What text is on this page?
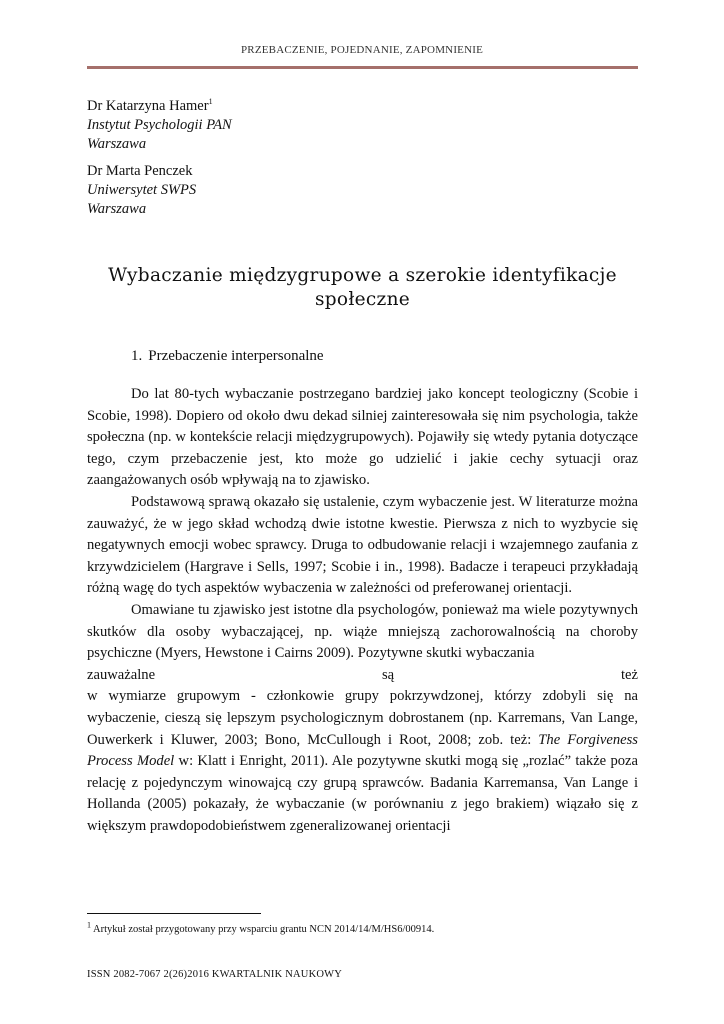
PRZEBACZENIE, POJEDNANIE, ZAPOMNIENIE
Dr Katarzyna Hamer$^1$
Instytut Psychologii PAN
Warszawa
Dr Marta Penczek
Uniwersytet SWPS
Warszawa
Wybaczanie międzygrupowe a szerokie identyfikacje
społeczne
1. Przebaczenie interpersonalne

Do lat 80-tych wybaczanie postrzegano bardziej jako koncept teologiczny (Scobie i Scobie, 1998). Dopiero od około dwu dekad silniej zainteresowała się nim psychologia, także społeczna (np. w kontekście relacji międzygrupowych). Pojawiły się wtedy pytania dotyczące tego, czym przebaczenie jest, kto może go udzielić i jakie cechy sytuacji oraz zaangażowanych osób wpływają na to zjawisko.

Podstawową sprawą okazało się ustalenie, czym wybaczenie jest. W literaturze można zauważyć, że w jego skład wchodzą dwie istotne kwestie. Pierwsza z nich to wyzbycie się negatywnych emocji wobec sprawcy. Druga to odbudowanie relacji i wzajemnego zaufania z krzywdzicielem (Hargrave i Sells, 1997; Scobie i in., 1998). Badacze i terapeuci przykładają różną wagę do tych aspektów wybaczenia w zależności od preferowanej orientacji.

Omawiane tu zjawisko jest istotne dla psychologów, ponieważ ma wiele pozytywnych skutków dla osoby wybaczającej, np. wiąże mniejszą zachorowalnością na choroby psychiczne (Myers, Hewstone i Cairns 2009). Pozytywne skutki wybaczania

zauważalne	są	też
w wymiarze grupowym - członkowie grupy pokrzywdzonej, którzy zdobyli się na wybaczenie, cieszą się lepszym psychologicznym dobrostanem (np. Karremans, Van Lange, Ouwerkerk i Kluwer, 2003; Bono, McCullough i Root, 2008; zob. też: The Forgiveness Process Model w: Klatt i Enright, 2011). Ale pozytywne skutki mogą się „rozlać” także poza relację z pojedynczym winowajcą czy grupą sprawców. Badania Karremansa, Van Lange i Hollanda (2005) pokazały, że wybaczanie (w porównaniu z jego brakiem) wiązało się z większym prawdopodobieństwem zgeneralizowanej orientacji
$^1$ Artykuł został przygotowany przy wsparciu grantu NCN 2014/14/M/HS6/00914.
ISSN 2082-7067 2(26)2016 KWARTALNIK NAUKOWY
